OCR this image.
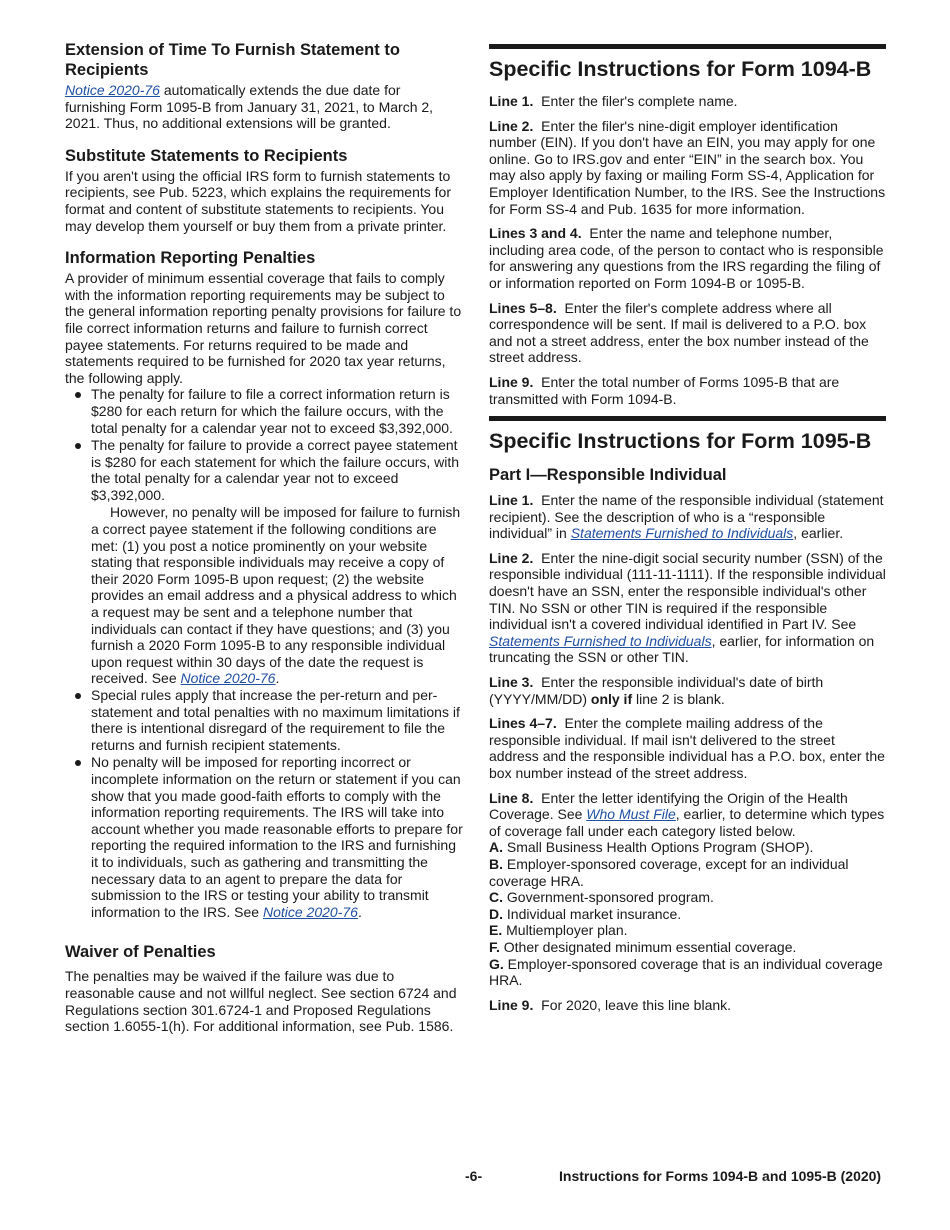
Extension of Time To Furnish Statement to Recipients

Notice 2020-76 automatically extends the due date for furnishing Form 1095-B from January 31, 2021, to March 2, 2021. Thus, no additional extensions will be granted.

Substitute Statements to Recipients

If you aren't using the official IRS form to furnish statements to recipients, see Pub. 5223, which explains the requirements for format and content of substitute statements to recipients. You may develop them yourself or buy them from a private printer.

Information Reporting Penalties

A provider of minimum essential coverage that fails to comply with the information reporting requirements may be subject to the general information reporting penalty provisions for failure to file correct information returns and failure to furnish correct payee statements. For returns required to be made and statements required to be furnished for 2020 tax year returns, the following apply.

The penalty for failure to file a correct information return is $280 for each return for which the failure occurs, with the total penalty for a calendar year not to exceed $3,392,000.
The penalty for failure to provide a correct payee statement is $280 for each statement for which the failure occurs, with the total penalty for a calendar year not to exceed $3,392,000.
However, no penalty will be imposed for failure to furnish a correct payee statement if the following conditions are met: (1) you post a notice prominently on your website stating that responsible individuals may receive a copy of their 2020 Form 1095-B upon request; (2) the website provides an email address and a physical address to which a request may be sent and a telephone number that individuals can contact if they have questions; and (3) you furnish a 2020 Form 1095-B to any responsible individual upon request within 30 days of the date the request is received. See Notice 2020-76.
Special rules apply that increase the per-return and per-statement and total penalties with no maximum limitations if there is intentional disregard of the requirement to file the returns and furnish recipient statements.
No penalty will be imposed for reporting incorrect or incomplete information on the return or statement if you can show that you made good-faith efforts to comply with the information reporting requirements. The IRS will take into account whether you made reasonable efforts to prepare for reporting the required information to the IRS and furnishing it to individuals, such as gathering and transmitting the necessary data to an agent to prepare the data for submission to the IRS or testing your ability to transmit information to the IRS. See Notice 2020-76.
Waiver of Penalties

The penalties may be waived if the failure was due to reasonable cause and not willful neglect. See section 6724 and Regulations section 301.6724-1 and Proposed Regulations section 1.6055-1(h). For additional information, see Pub. 1586.

Specific Instructions for Form 1094-B

Line 1. Enter the filer's complete name.

Line 2. Enter the filer's nine-digit employer identification number (EIN). If you don't have an EIN, you may apply for one online. Go to IRS.gov and enter “EIN” in the search box. You may also apply by faxing or mailing Form SS-4, Application for Employer Identification Number, to the IRS. See the Instructions for Form SS-4 and Pub. 1635 for more information.

Lines 3 and 4. Enter the name and telephone number, including area code, of the person to contact who is responsible for answering any questions from the IRS regarding the filing of or information reported on Form 1094-B or 1095-B.

Lines 5–8. Enter the filer's complete address where all correspondence will be sent. If mail is delivered to a P.O. box and not a street address, enter the box number instead of the street address.

Line 9. Enter the total number of Forms 1095-B that are transmitted with Form 1094-B.

Specific Instructions for Form 1095-B
Part I—Responsible Individual

Line 1. Enter the name of the responsible individual (statement recipient). See the description of who is a “responsible individual” in Statements Furnished to Individuals, earlier.

Line 2. Enter the nine-digit social security number (SSN) of the responsible individual (111-11-1111). If the responsible individual doesn't have an SSN, enter the responsible individual's other TIN. No SSN or other TIN is required if the responsible individual isn't a covered individual identified in Part IV. See Statements Furnished to Individuals, earlier, for information on truncating the SSN or other TIN.

Line 3. Enter the responsible individual's date of birth (YYYY/MM/DD) only if line 2 is blank.

Lines 4–7. Enter the complete mailing address of the responsible individual. If mail isn't delivered to the street address and the responsible individual has a P.O. box, enter the box number instead of the street address.

Line 8. Enter the letter identifying the Origin of the Health Coverage. See Who Must File, earlier, to determine which types of coverage fall under each category listed below.

A. Small Business Health Options Program (SHOP).

B. Employer-sponsored coverage, except for an individual coverage HRA.

C. Government-sponsored program.

D. Individual market insurance.

E. Multiemployer plan.

F. Other designated minimum essential coverage.

G. Employer-sponsored coverage that is an individual coverage HRA.

Line 9. For 2020, leave this line blank.

-6-	Instructions for Forms 1094-B and 1095-B (2020)
